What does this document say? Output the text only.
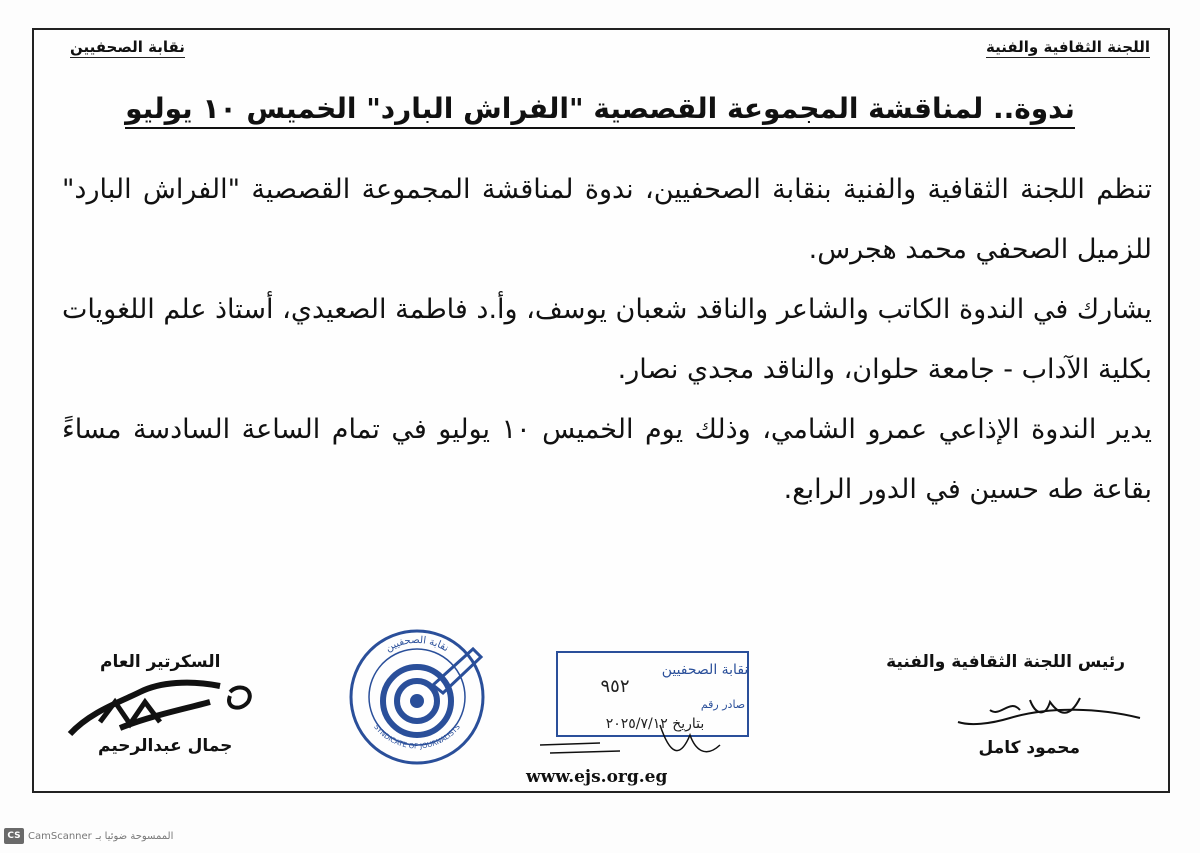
اللجنة الثقافية والفنية
نقابة الصحفيين
ندوة.. لمناقشة المجموعة القصصية "الفراش البارد" الخميس ١٠ يوليو

تنظم اللجنة الثقافية والفنية بنقابة الصحفيين، ندوة لمناقشة المجموعة القصصية "الفراش البارد" للزميل الصحفي محمد هجرس.

يشارك في الندوة الكاتب والشاعر والناقد شعبان يوسف، وأ.د فاطمة الصعيدي، أستاذ علم اللغويات بكلية الآداب - جامعة حلوان، والناقد مجدي نصار.

يدير الندوة الإذاعي عمرو الشامي، وذلك يوم الخميس ١٠ يوليو في تمام الساعة السادسة مساءً بقاعة طه حسين في الدور الرابع.

رئيس اللجنة الثقافية والفنية
محمود كامل
السكرتير العام
جمال عبدالرحيم
نقابة الصحفيين
SYNDICATE OF JOURNALISTS
نقابة الصحفيين
٩٥٢
صادر رقم
بتاريخ ٢٠٢٥/٧/١٢
www.ejs.org.eg
CS CamScanner الممسوحة ضوئيا بـ
